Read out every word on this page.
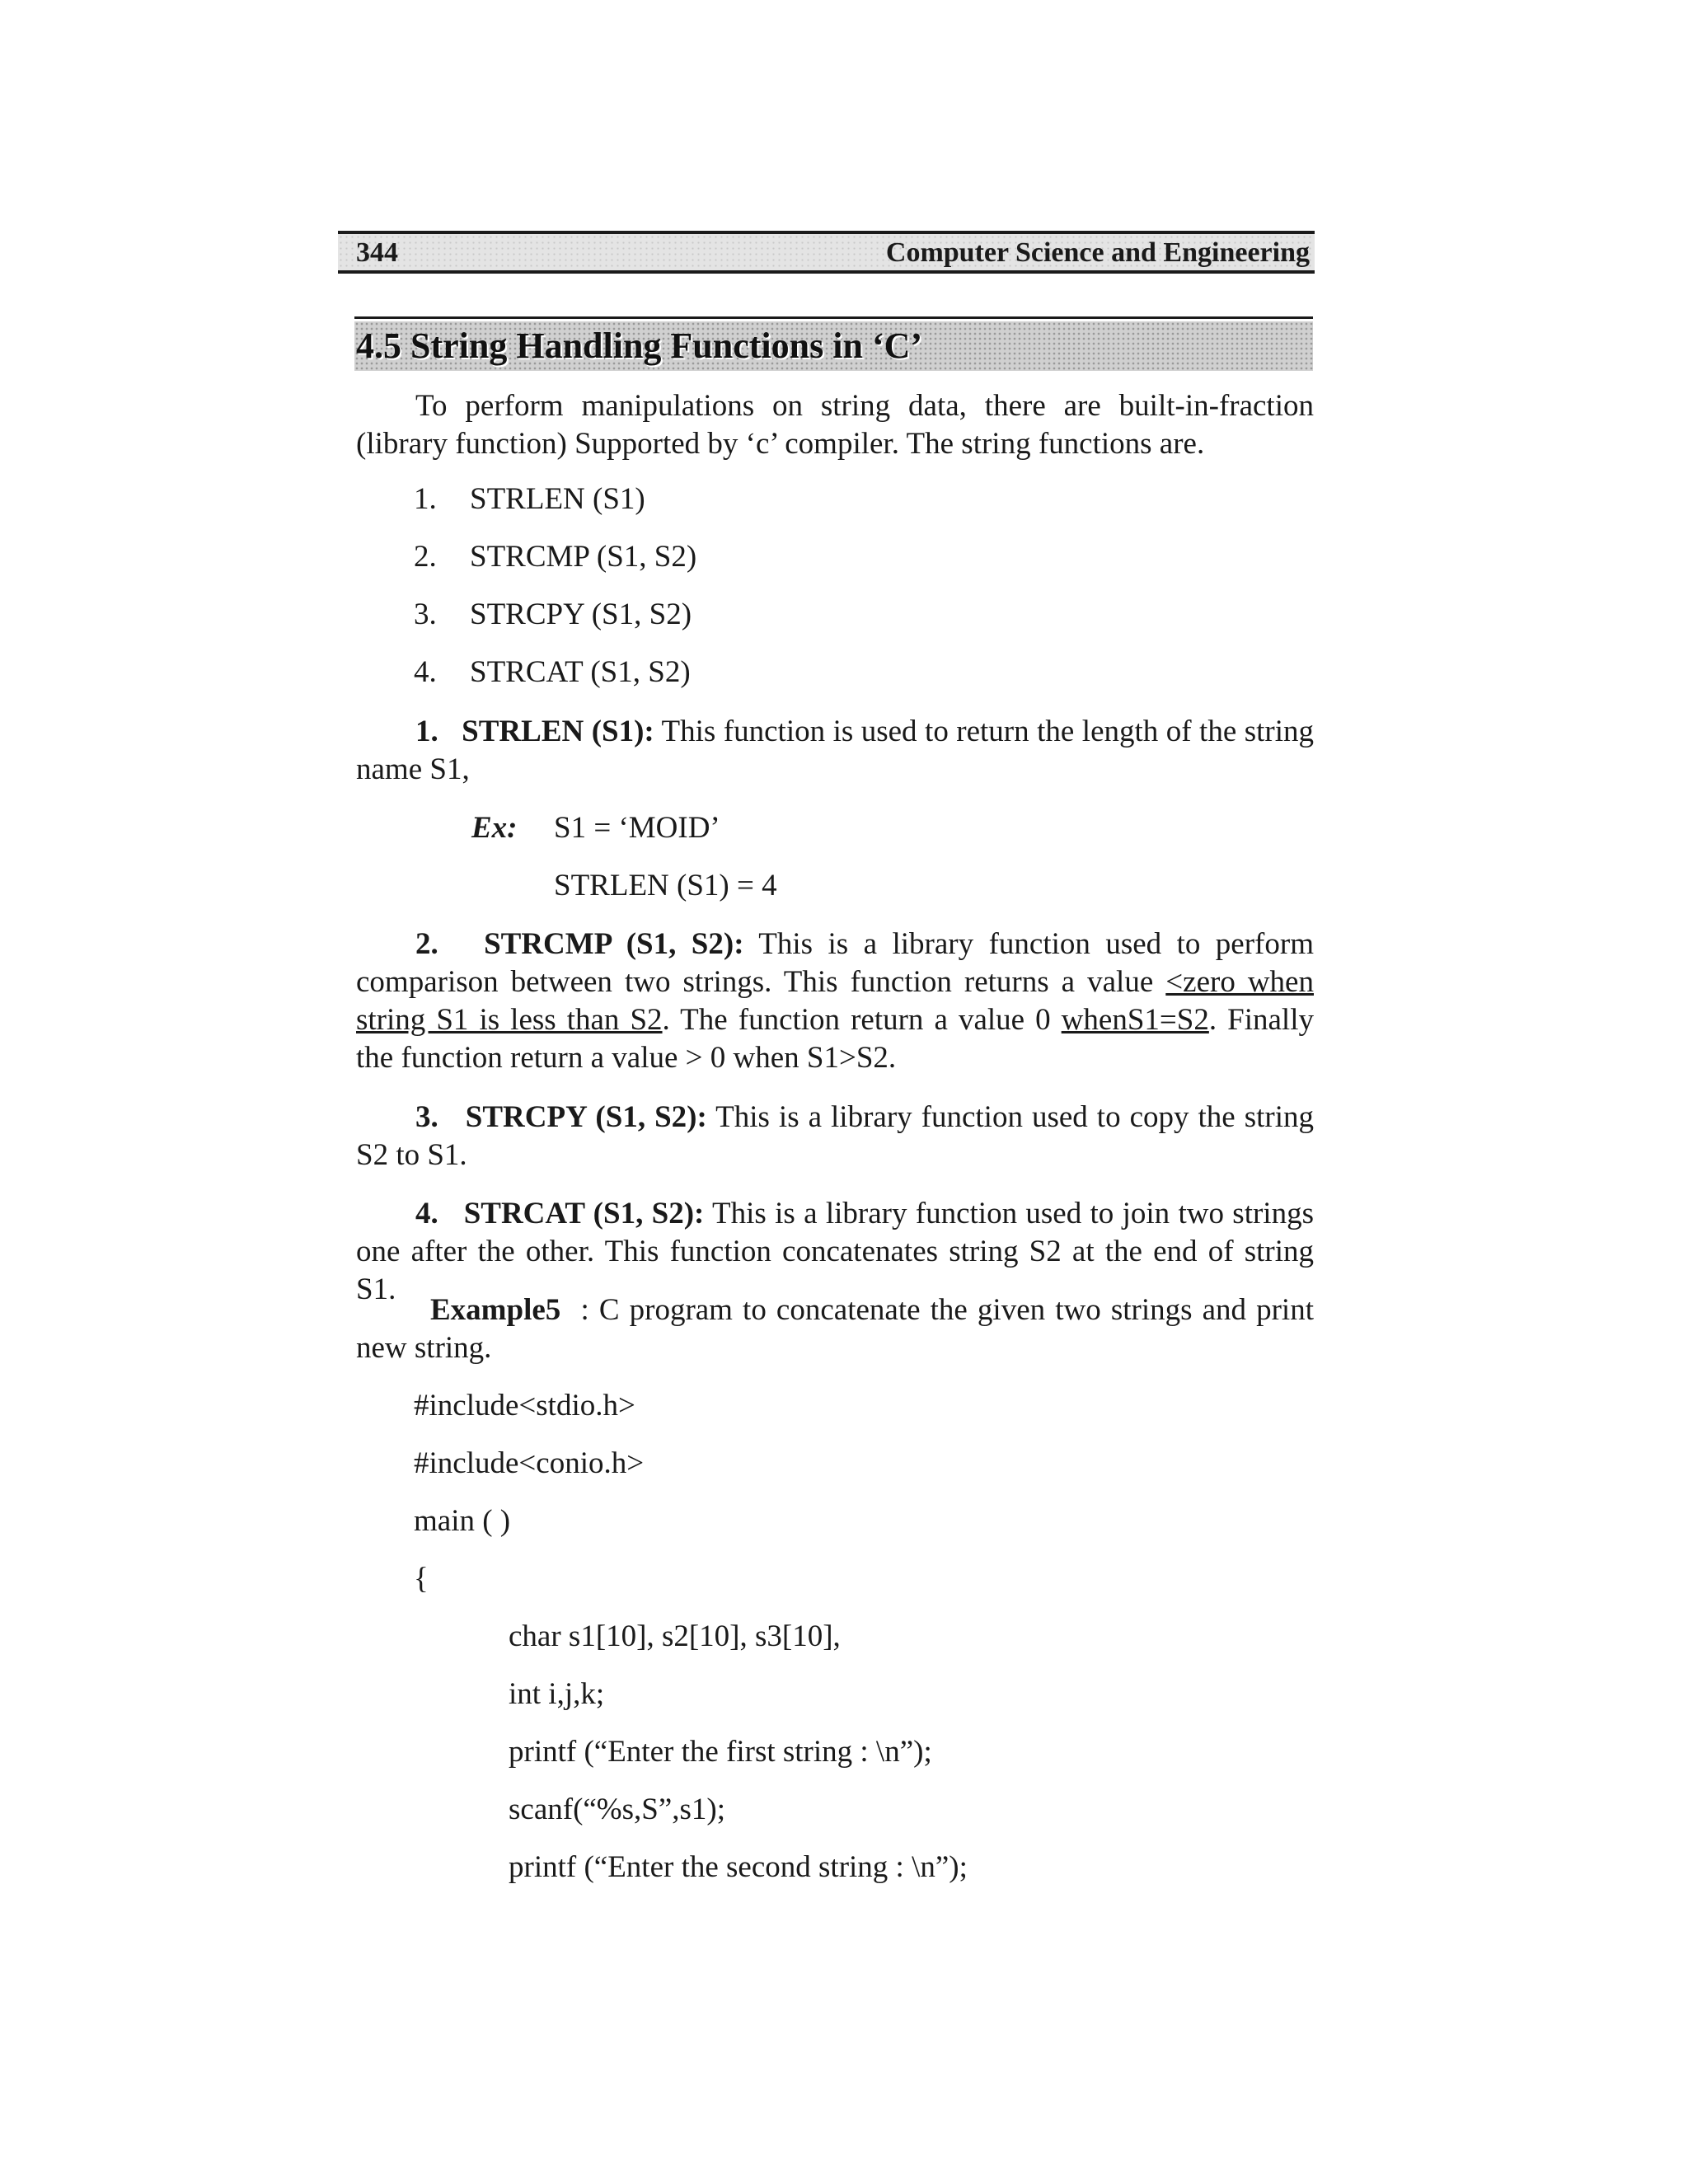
344	Computer Science and Engineering
4.5 String Handling Functions in ‘C’

To perform manipulations on string data, there are built-in-fraction (library function) Supported by ‘c’ compiler. The string functions are.

1. STRLEN (S1)
2. STRCMP (S1, S2)
3. STRCPY (S1, S2)
4. STRCAT (S1, S2)

1.   STRLEN (S1): This function is used to return the length of the string name S1,

Ex: S1 = ‘MOID’
STRLEN (S1) = 4

2.   STRCMP (S1, S2): This is a library function used to perform comparison between two strings. This function returns a value <zero when string S1 is less than S2. The function return a value 0 whenS1=S2. Finally the function return a value > 0 when S1>S2.

3.   STRCPY (S1, S2): This is a library function used to copy the string S2 to S1.

4.   STRCAT (S1, S2): This is a library function used to join two strings one after the other. This function concatenates string S2 at the end of string S1.

Example5  : C program to concatenate the given two strings and print new string.

#include<stdio.h>
#include<conio.h>
main ( )
{
char s1[10], s2[10], s3[10],
int i,j,k;
printf (“Enter the first string : \n”);
scanf(“%s,S”,s1);
printf (“Enter the second string : \n”);
